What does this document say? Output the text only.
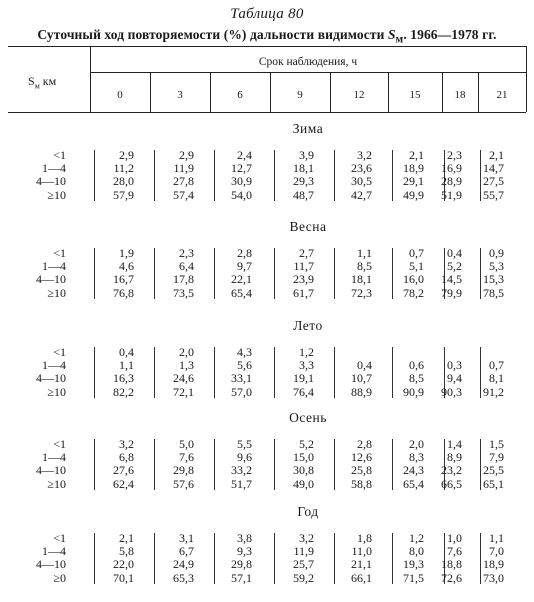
Таблица 80
Суточный ход повторяемости (%) дальности видимости $S_м$. 1966—1978 гг.
$S_м$ км
Срок наблюдения, ч
0	3	6	9	12	15	18	21
Зима
<1	2,9	2,9	2,4	3,9	3,2	2,1	2,3	2,1
1—4	11,2	11,9	12,7	18,1	23,6	18,9	16,9	14,7
4—10	28,0	27,8	30,9	29,3	30,5	29,1	28,9	27,5
≥10	57,9	57,4	54,0	48,7	42,7	49,9	51,9	55,7
Весна
<1	1,9	2,3	2,8	2,7	1,1	0,7	0,4	0,9
1—4	4,6	6,4	9,7	11,7	8,5	5,1	5,2	5,3
4—10	16,7	17,8	22,1	23,9	18,1	16,0	14,5	15,3
≥10	76,8	73,5	65,4	61,7	72,3	78,2	79,9	78,5
Лето
<1	0,4	2,0	4,3	1,2
1—4	1,1	1,3	5,6	3,3	0,4	0,6	0,3	0,7
4—10	16,3	24,6	33,1	19,1	10,7	8,5	9,4	8,1
≥10	82,2	72,1	57,0	76,4	88,9	90,9	90,3	91,2
Осень
<1	3,2	5,0	5,5	5,2	2,8	2,0	1,4	1,5
1—4	6,8	7,6	9,6	15,0	12,6	8,3	8,9	7,9
4—10	27,6	29,8	33,2	30,8	25,8	24,3	23,2	25,5
≥10	62,4	57,6	51,7	49,0	58,8	65,4	66,5	65,1
Год
<1	2,1	3,1	3,8	3,2	1,8	1,2	1,0	1,1
1—4	5,8	6,7	9,3	11,9	11,0	8,0	7,6	7,0
4—10	22,0	24,9	29,8	25,7	21,1	19,3	18,8	18,9
≥0	70,1	65,3	57,1	59,2	66,1	71,5	72,6	73,0
